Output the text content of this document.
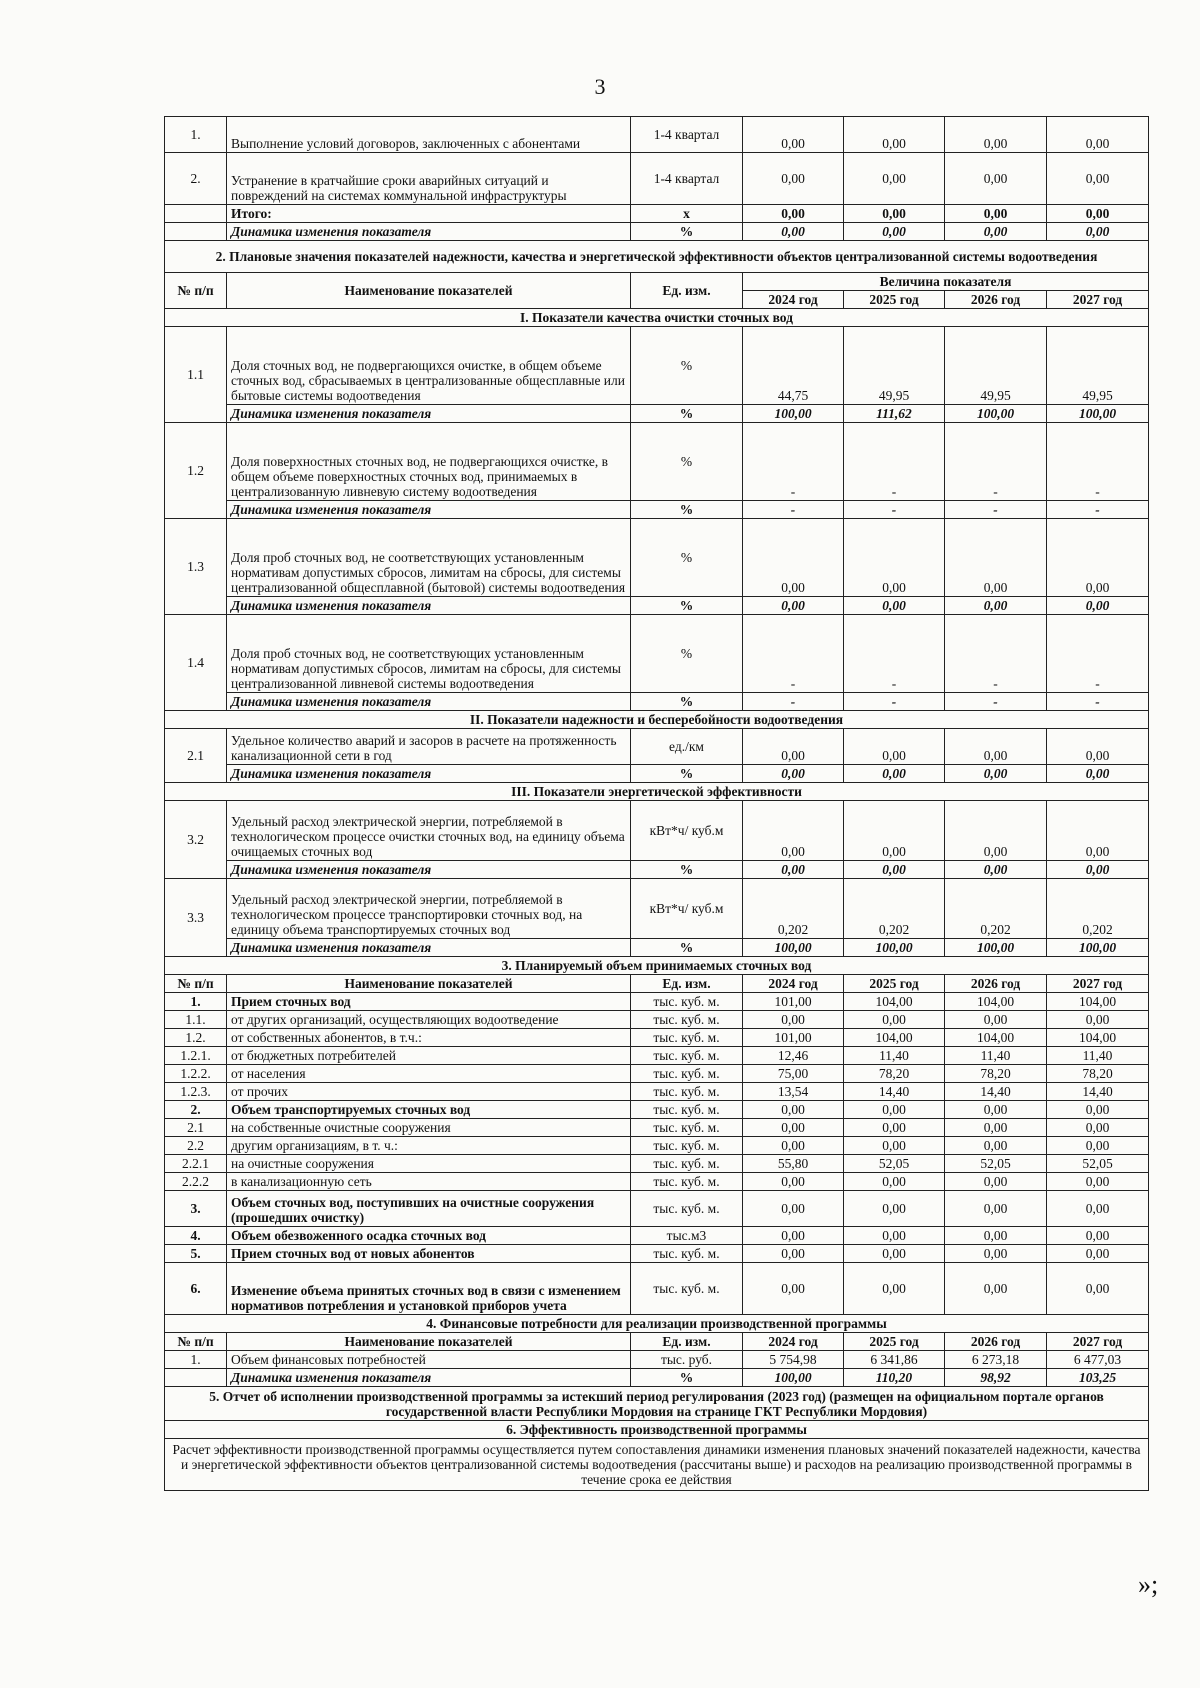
3
1.	Выполнение условий договоров, заключенных с абонентами	1-4 квартал	0,00	0,00	0,00	0,00
2.	Устранение в кратчайшие сроки аварийных ситуаций и повреждений на системах коммунальной инфраструктуры	1-4 квартал	0,00	0,00	0,00	0,00
	Итого:	х	0,00	0,00	0,00	0,00
	Динамика изменения показателя	%	0,00	0,00	0,00	0,00
2. Плановые значения показателей надежности, качества и энергетической эффективности объектов централизованной системы водоотведения						
№ п/п	Наименование показателей	Ед. изм.	Величина показателя			
			2024 год	2025 год	2026 год	2027 год
I. Показатели качества очистки сточных вод						
1.1	Доля сточных вод, не подвергающихся очистке, в общем объеме сточных вод, сбрасываемых в централизованные общесплавные или бытовые системы водоотведения	%	44,75	49,95	49,95	49,95
	Динамика изменения показателя	%	100,00	111,62	100,00	100,00
1.2	Доля поверхностных сточных вод, не подвергающихся очистке, в общем объеме поверхностных сточных вод, принимаемых в централизованную ливневую систему водоотведения	%	-	-	-	-
	Динамика изменения показателя	%	-	-	-	-
1.3	Доля проб сточных вод, не соответствующих установленным нормативам допустимых сбросов, лимитам на сбросы, для системы централизованной общесплавной (бытовой) системы водоотведения	%	0,00	0,00	0,00	0,00
	Динамика изменения показателя	%	0,00	0,00	0,00	0,00
1.4	Доля проб сточных вод, не соответствующих установленным нормативам допустимых сбросов, лимитам на сбросы, для системы централизованной ливневой системы водоотведения	%	-	-	-	-
	Динамика изменения показателя	%	-	-	-	-
II. Показатели надежности и бесперебойности водоотведения						
2.1	Удельное количество аварий и засоров в расчете на протяженность канализационной сети в год	ед./км	0,00	0,00	0,00	0,00
	Динамика изменения показателя	%	0,00	0,00	0,00	0,00
III. Показатели энергетической эффективности						
3.2	Удельный расход электрической энергии, потребляемой в технологическом процессе очистки сточных вод, на единицу объема очищаемых сточных вод	кВт*ч/ куб.м	0,00	0,00	0,00	0,00
	Динамика изменения показателя	%	0,00	0,00	0,00	0,00
3.3	Удельный расход электрической энергии, потребляемой в технологическом процессе транспортировки сточных вод, на единицу объема транспортируемых сточных вод	кВт*ч/ куб.м	0,202	0,202	0,202	0,202
	Динамика изменения показателя	%	100,00	100,00	100,00	100,00
3. Планируемый объем принимаемых сточных вод						
№ п/п	Наименование показателей	Ед. изм.	2024 год	2025 год	2026 год	2027 год
1.	Прием сточных вод	тыс. куб. м.	101,00	104,00	104,00	104,00
1.1.	от других организаций, осуществляющих водоотведение	тыс. куб. м.	0,00	0,00	0,00	0,00
1.2.	от собственных абонентов, в т.ч.:	тыс. куб. м.	101,00	104,00	104,00	104,00
1.2.1.	от бюджетных потребителей	тыс. куб. м.	12,46	11,40	11,40	11,40
1.2.2.	от населения	тыс. куб. м.	75,00	78,20	78,20	78,20
1.2.3.	от прочих	тыс. куб. м.	13,54	14,40	14,40	14,40
2.	Объем транспортируемых сточных вод	тыс. куб. м.	0,00	0,00	0,00	0,00
2.1	на собственные очистные сооружения	тыс. куб. м.	0,00	0,00	0,00	0,00
2.2	другим организациям, в т. ч.:	тыс. куб. м.	0,00	0,00	0,00	0,00
2.2.1	на очистные сооружения	тыс. куб. м.	55,80	52,05	52,05	52,05
2.2.2	в канализационную сеть	тыс. куб. м.	0,00	0,00	0,00	0,00
3.	Объем сточных вод, поступивших на очистные сооружения (прошедших очистку)	тыс. куб. м.	0,00	0,00	0,00	0,00
4.	Объем обезвоженного осадка сточных вод	тыс.м3	0,00	0,00	0,00	0,00
5.	Прием сточных вод от новых абонентов	тыс. куб. м.	0,00	0,00	0,00	0,00
6.	Изменение объема принятых сточных вод в связи с изменением нормативов потребления и установкой приборов учета	тыс. куб. м.	0,00	0,00	0,00	0,00
4. Финансовые потребности для реализации производственной программы						
№ п/п	Наименование показателей	Ед. изм.	2024 год	2025 год	2026 год	2027 год
1.	Объем финансовых потребностей	тыс. руб.	5 754,98	6 341,86	6 273,18	6 477,03
	Динамика изменения показателя	%	100,00	110,20	98,92	103,25
5. Отчет об исполнении производственной программы за истекший период регулирования (2023 год) (размещен на официальном портале органов государственной власти Республики Мордовия на странице ГКТ Республики Мордовия)						
6. Эффективность производственной программы						
Расчет эффективности производственной программы осуществляется путем сопоставления динамики изменения плановых значений показателей надежности, качества и энергетической эффективности объектов централизованной системы водоотведения (рассчитаны выше) и расходов на реализацию производственной программы в течение срока ее действия						
»;
